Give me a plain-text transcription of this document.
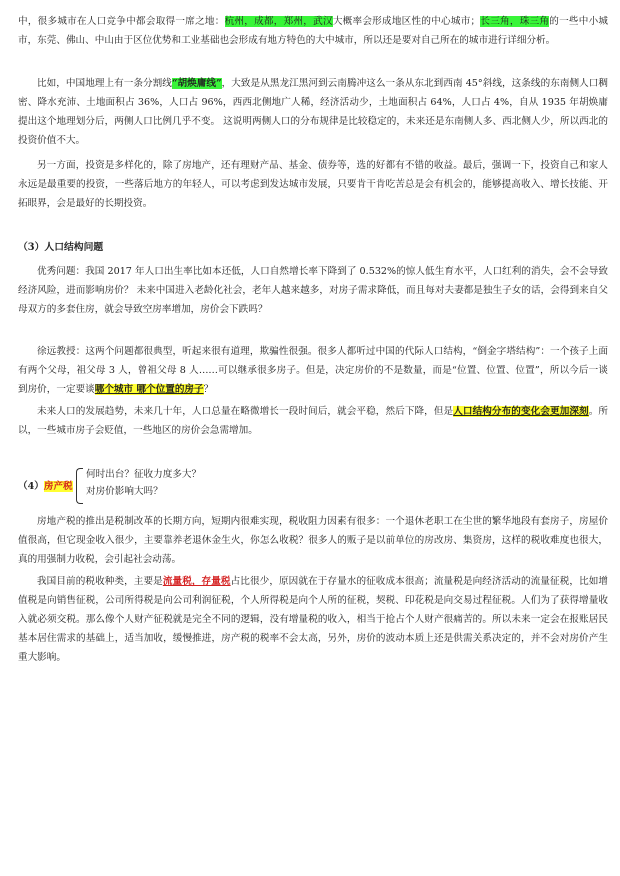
中，很多城市在人口竞争中都会取得一席之地：杭州，成都，郑州，武汉大概率会形成地区性的中心城市；长三角，珠三角的一些中小城市，东莞、佛山、中山由于区位优势和工业基础也会形成有地方特色的大中城市，所以还是要对自己所在的城市进行详细分析。

比如，中国地理上有一条分割线“胡焕庸线”，大致是从黑龙江黑河到云南腾冲这么一条从东北到西南 45°斜线，这条线的东南侧人口稠密、降水充沛、土地面积占 36%，人口占 96%，西西北侧地广人稀，经济活动少，土地面积占 64%，人口占 4%，自从 1935 年胡焕庸提出这个地理划分后，两侧人口比例几乎不变。 这说明两侧人口的分布规律是比较稳定的，未来还是东南侧人多、西北侧人少，所以西北的投资价值不大。

另一方面，投资是多样化的，除了房地产，还有理财产品、基金、债券等，选的好都有不错的收益。最后，强调一下，投资自己和家人永远是最重要的投资，一些落后地方的年轻人，可以考虑到发达城市发展，只要肯干肯吃苦总是会有机会的，能够提高收入、增长技能、开拓眼界，会是最好的长期投资。

（3）人口结构问题

优秀问题：我国 2017 年人口出生率比如本还低，人口自然增长率下降到了 0.532%的惊人低生育水平，人口红利的消失，会不会导致经济风险，进而影响房价？ 未来中国进入老龄化社会，老年人越来越多，对房子需求降低，而且每对夫妻都是独生子女的话，会得到来自父母双方的多套住房，就会导致空房率增加，房价会下跌吗？

徐远教授：这两个问题都很典型，听起来很有道理，欺骗性很强。很多人都听过中国的代际人口结构，“倒金字塔结构”：一个孩子上面有两个父母，祖父母 3 人，曾祖父母 8 人……可以继承很多房子。但是，决定房价的不是数量，而是“位置、位置、位置”，所以今后一谈到房价，一定要谈哪个城市 哪个位置的房子？

未来人口的发展趋势，未来几十年，人口总量在略微增长一段时间后，就会平稳，然后下降，但是人口结构分布的变化会更加深刻。所以，一些城市房子会贬值，一些地区的房价会急需增加。

（4）房产税
何时出台？征收力度多大？
对房价影响大吗？

房地产税的推出是税制改革的长期方向，短期内很难实现，税收阻力因素有很多：一个退休老职工在尘世的繁华地段有套房子，房屋价值很高，但它现金收入很少，主要靠养老退休金生火，你怎么收税？很多人的贩子是以前单位的房改房、集资房，这样的税收难度也很大，真的用强制力收税，会引起社会动荡。

我国目前的税收种类，主要是流量税，存量税占比很少，原因就在于存量水的征收成本很高；流量税是向经济活动的流量征税，比如增值税是向销售征税，公司所得税是向公司利润征税，个人所得税是向个人所的征税，契税、印花税是向交易过程征税。人们为了获得增量收入就必须交税。那么像个人财产征税就是完全不同的逻辑，没有增量税的收入，相当于抢占个人财产很痛苦的。所以未来一定会在报账居民基本居住需求的基础上，适当加收，缓慢推进，房产税的税率不会太高，另外，房价的波动本质上还是供需关系决定的，并不会对房价产生重大影响。
